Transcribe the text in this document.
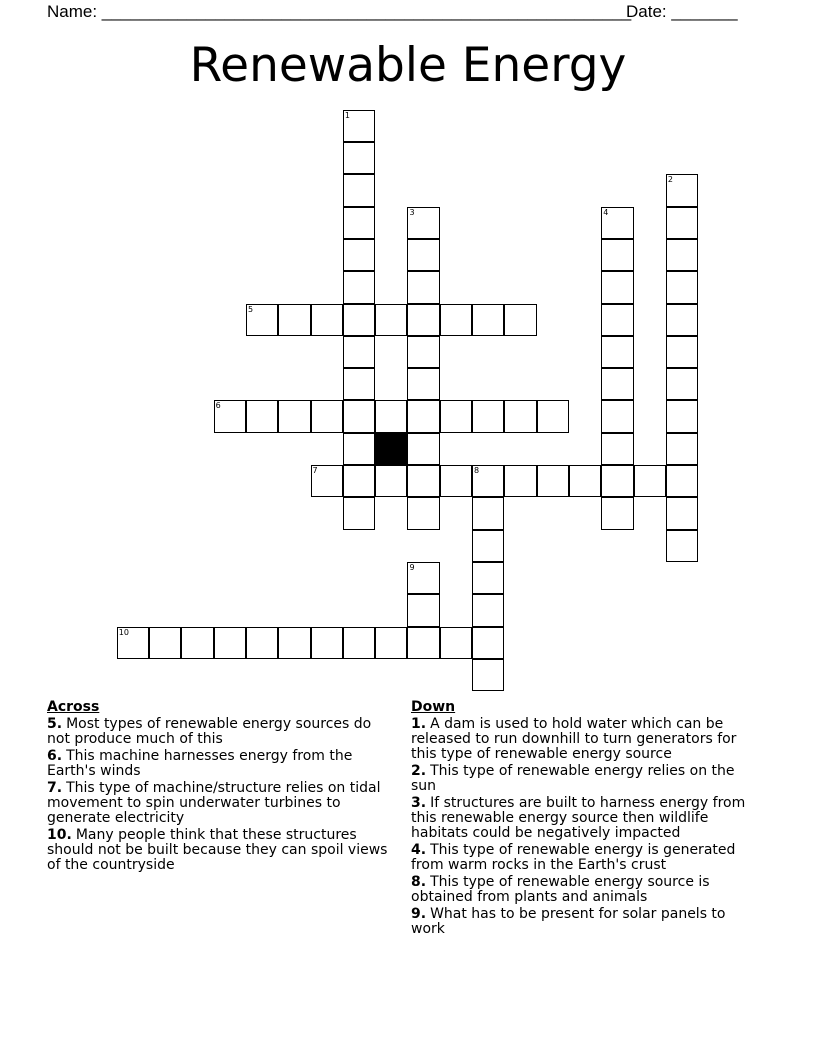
Name: ________________________________________________________
Date: _______
Renewable Energy
1
2
3	4
5
6
7	8
9
10
Across
5. Most types of renewable energy sources do not produce much of this
6. This machine harnesses energy from the Earth's winds
7. This type of machine/structure relies on tidal movement to spin underwater turbines to generate electricity
10. Many people think that these structures should not be built because they can spoil views of the countryside
Down
1. A dam is used to hold water which can be released to run downhill to turn generators for this type of renewable energy source
2. This type of renewable energy relies on the sun
3. If structures are built to harness energy from this renewable energy source then wildlife habitats could be negatively impacted
4. This type of renewable energy is generated from warm rocks in the Earth's crust
8. This type of renewable energy source is obtained from plants and animals
9. What has to be present for solar panels to work
